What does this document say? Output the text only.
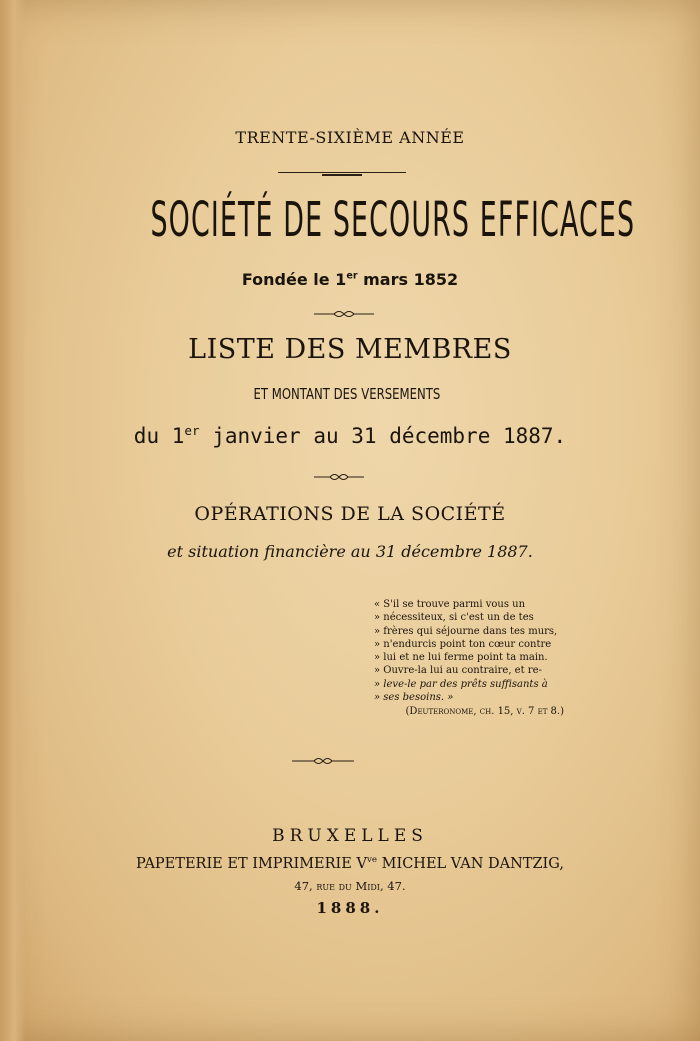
TRENTE-SIXIÈME ANNÉE
SOCIÉTÉ DE SECOURS EFFICACES
Fondée le 1er mars 1852
LISTE DES MEMBRES
ET MONTANT DES VERSEMENTS
du 1er janvier au 31 décembre 1887.
OPÉRATIONS DE LA SOCIÉTÉ
et situation financière au 31 décembre 1887.
« S'il se trouve parmi vous un
» nécessiteux, si c'est un de tes
» frères qui séjourne dans tes murs,
» n'endurcis point ton cœur contre
» lui et ne lui ferme point ta main.
» Ouvre-la lui au contraire, et re-
» leve-le par des prêts suffisants à
» ses besoins. »
(Deuteronome, ch. 15, v. 7 et 8.)
BRUXELLES
PAPETERIE ET IMPRIMERIE $V^{ve}$ MICHEL VAN DANTZIG,
47, rue du Midi, 47.
1888.
